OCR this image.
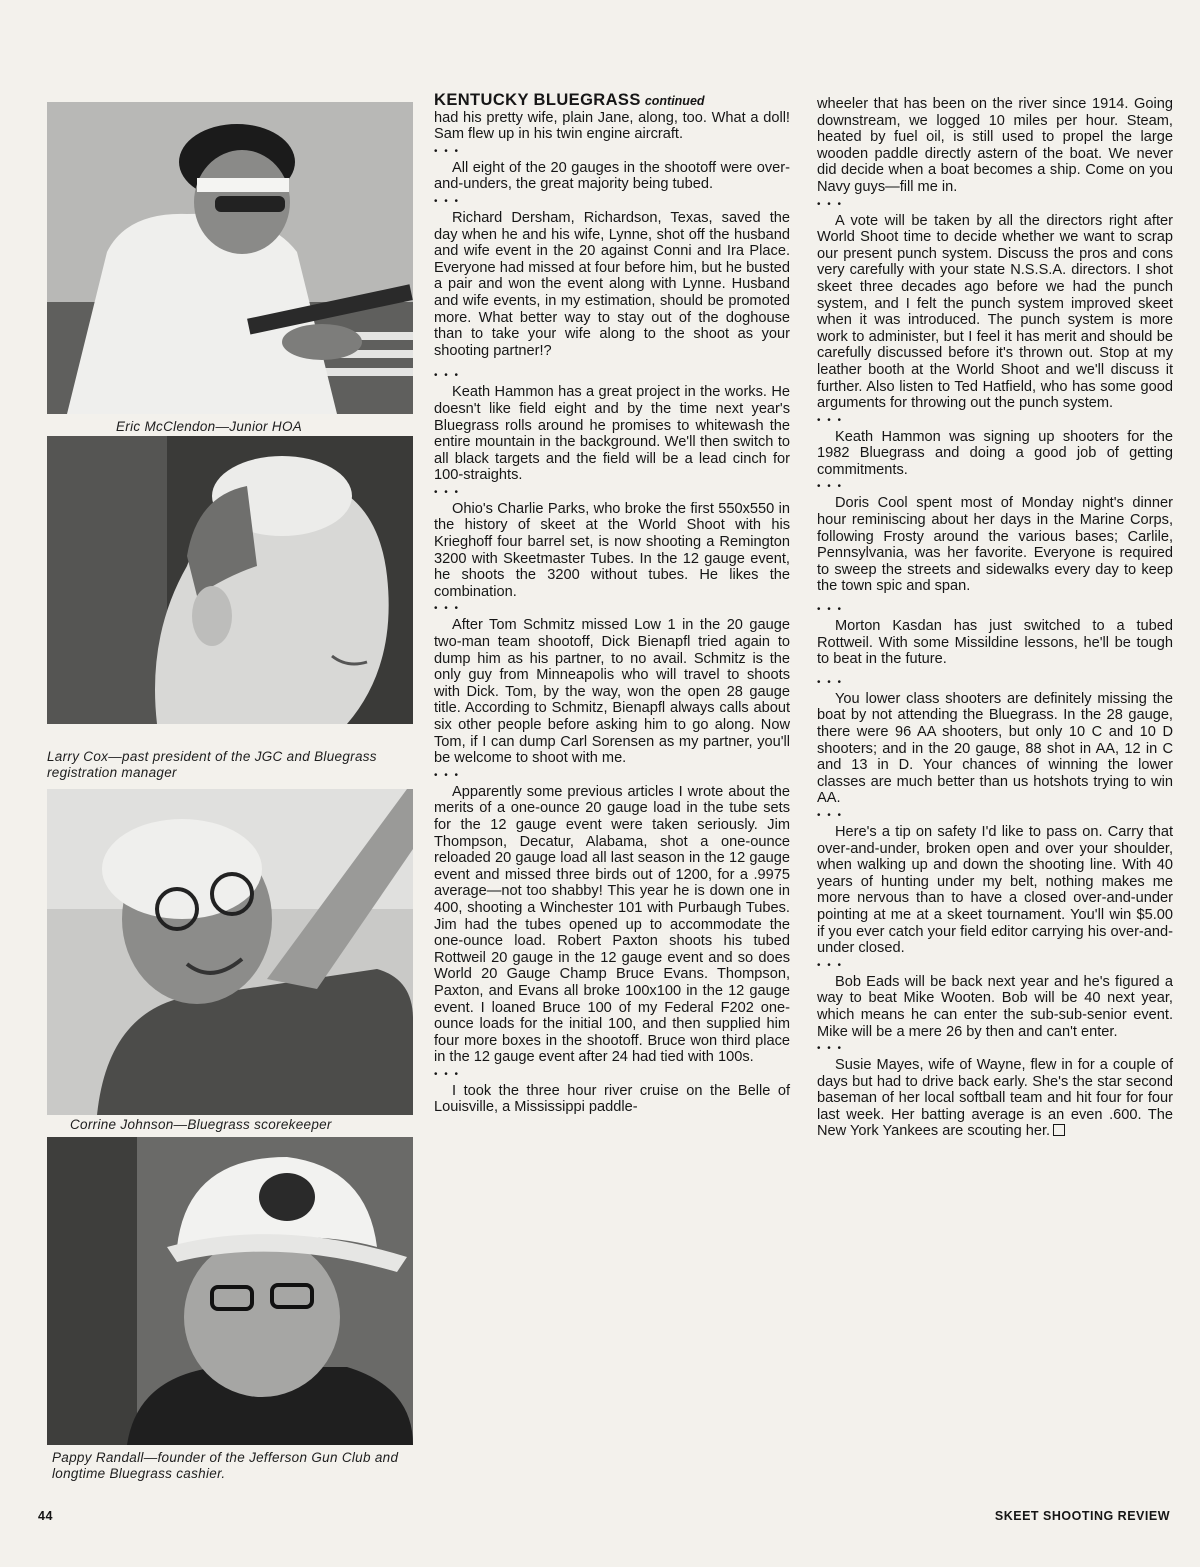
Eric McClendon—Junior HOA
Larry Cox—past president of the JGC and Bluegrass registration manager
Corrine Johnson—Bluegrass scorekeeper
Pappy Randall—founder of the Jefferson Gun Club and longtime Bluegrass cashier.

KENTUCKY BLUEGRASS continued

had his pretty wife, plain Jane, along, too. What a doll! Sam flew up in his twin engine aircraft.

• • •

All eight of the 20 gauges in the shootoff were over-and-unders, the great majority being tubed.

• • •

Richard Dersham, Richardson, Texas, saved the day when he and his wife, Lynne, shot off the husband and wife event in the 20 against Conni and Ira Place. Everyone had missed at four before him, but he busted a pair and won the event along with Lynne. Husband and wife events, in my estimation, should be promoted more. What better way to stay out of the doghouse than to take your wife along to the shoot as your shooting partner!?

• • •

Keath Hammon has a great project in the works. He doesn't like field eight and by the time next year's Bluegrass rolls around he promises to whitewash the entire mountain in the background. We'll then switch to all black targets and the field will be a lead cinch for 100-straights.

• • •

Ohio's Charlie Parks, who broke the first 550x550 in the history of skeet at the World Shoot with his Krieghoff four barrel set, is now shooting a Remington 3200 with Skeetmaster Tubes. In the 12 gauge event, he shoots the 3200 without tubes. He likes the combination.

• • •

After Tom Schmitz missed Low 1 in the 20 gauge two-man team shootoff, Dick Bienapfl tried again to dump him as his partner, to no avail. Schmitz is the only guy from Minneapolis who will travel to shoots with Dick. Tom, by the way, won the open 28 gauge title. According to Schmitz, Bienapfl always calls about six other people before asking him to go along. Now Tom, if I can dump Carl Sorensen as my partner, you'll be welcome to shoot with me.

• • •

Apparently some previous articles I wrote about the merits of a one-ounce 20 gauge load in the tube sets for the 12 gauge event were taken seriously. Jim Thompson, Decatur, Alabama, shot a one-ounce reloaded 20 gauge load all last season in the 12 gauge event and missed three birds out of 1200, for a .9975 average—not too shabby! This year he is down one in 400, shooting a Winchester 101 with Purbaugh Tubes. Jim had the tubes opened up to accommodate the one-ounce load. Robert Paxton shoots his tubed Rottweil 20 gauge in the 12 gauge event and so does World 20 Gauge Champ Bruce Evans. Thompson, Paxton, and Evans all broke 100x100 in the 12 gauge event. I loaned Bruce 100 of my Federal F202 one-ounce loads for the initial 100, and then supplied him four more boxes in the shootoff. Bruce won third place in the 12 gauge event after 24 had tied with 100s.

• • •

I took the three hour river cruise on the Belle of Louisville, a Mississippi paddle-

wheeler that has been on the river since 1914. Going downstream, we logged 10 miles per hour. Steam, heated by fuel oil, is still used to propel the large wooden paddle directly astern of the boat. We never did decide when a boat becomes a ship. Come on you Navy guys—fill me in.

• • •

A vote will be taken by all the directors right after World Shoot time to decide whether we want to scrap our present punch system. Discuss the pros and cons very carefully with your state N.S.S.A. directors. I shot skeet three decades ago before we had the punch system, and I felt the punch system improved skeet when it was introduced. The punch system is more work to administer, but I feel it has merit and should be carefully discussed before it's thrown out. Stop at my leather booth at the World Shoot and we'll discuss it further. Also listen to Ted Hatfield, who has some good arguments for throwing out the punch system.

• • •

Keath Hammon was signing up shooters for the 1982 Bluegrass and doing a good job of getting commitments.

• • •

Doris Cool spent most of Monday night's dinner hour reminiscing about her days in the Marine Corps, following Frosty around the various bases; Carlile, Pennsylvania, was her favorite. Everyone is required to sweep the streets and sidewalks every day to keep the town spic and span.

• • •

Morton Kasdan has just switched to a tubed Rottweil. With some Missildine lessons, he'll be tough to beat in the future.

• • •

You lower class shooters are definitely missing the boat by not attending the Bluegrass. In the 28 gauge, there were 96 AA shooters, but only 10 C and 10 D shooters; and in the 20 gauge, 88 shot in AA, 12 in C and 13 in D. Your chances of winning the lower classes are much better than us hotshots trying to win AA.

• • •

Here's a tip on safety I'd like to pass on. Carry that over-and-under, broken open and over your shoulder, when walking up and down the shooting line. With 40 years of hunting under my belt, nothing makes me more nervous than to have a closed over-and-under pointing at me at a skeet tournament. You'll win $5.00 if you ever catch your field editor carrying his over-and-under closed.

• • •

Bob Eads will be back next year and he's figured a way to beat Mike Wooten. Bob will be 40 next year, which means he can enter the sub-sub-senior event. Mike will be a mere 26 by then and can't enter.

• • •

Susie Mayes, wife of Wayne, flew in for a couple of days but had to drive back early. She's the star second baseman of her local softball team and hit four for four last week. Her batting average is an even .600. The New York Yankees are scouting her.

44	SKEET SHOOTING REVIEW
